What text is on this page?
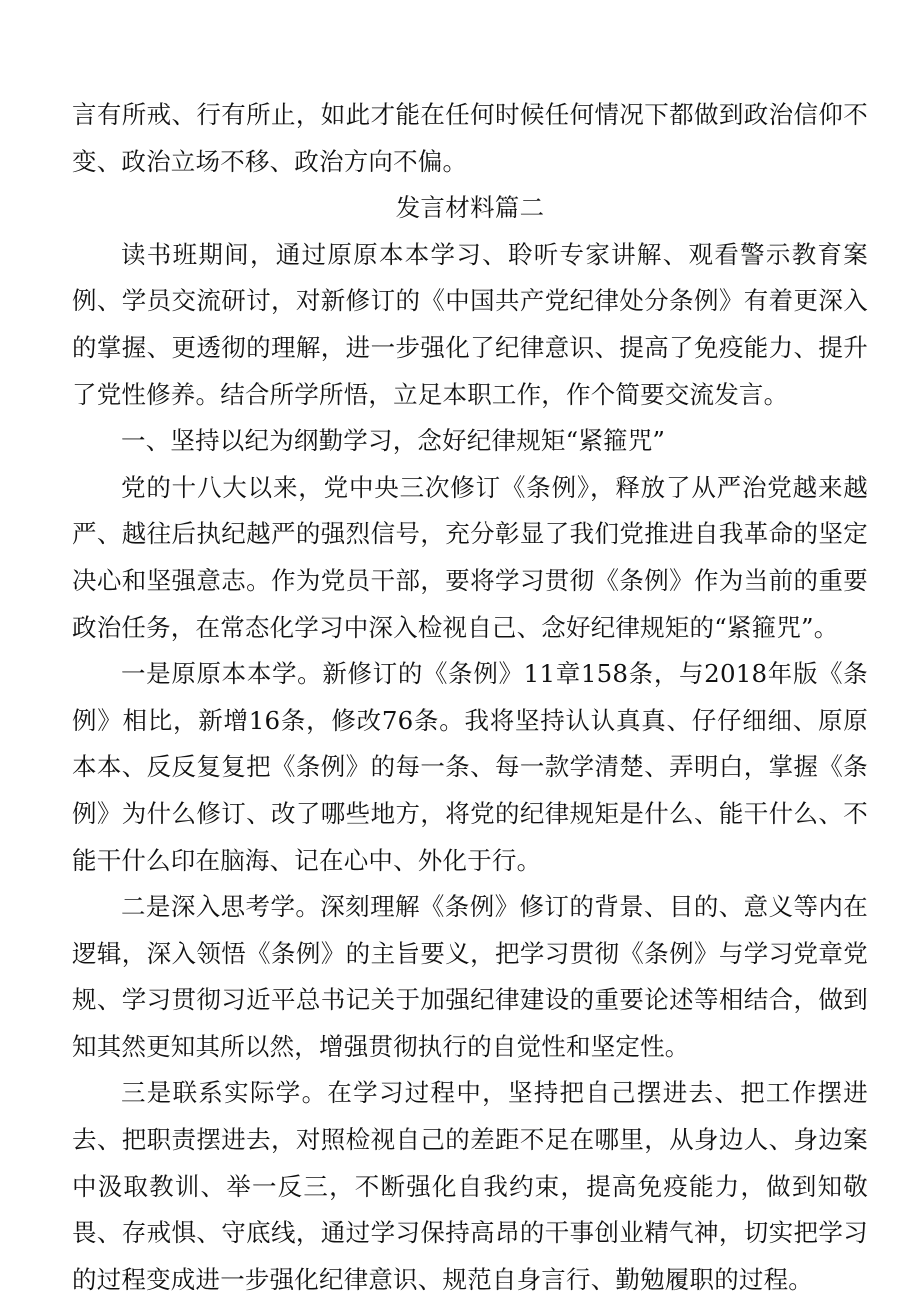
言有所戒、行有所止，如此才能在任何时候任何情况下都做到政治信仰不变、政治立场不移、政治方向不偏。

发言材料篇二

读书班期间，通过原原本本学习、聆听专家讲解、观看警示教育案例、学员交流研讨，对新修订的《中国共产党纪律处分条例》有着更深入的掌握、更透彻的理解，进一步强化了纪律意识、提高了免疫能力、提升了党性修养。结合所学所悟，立足本职工作，作个简要交流发言。

一、坚持以纪为纲勤学习，念好纪律规矩“紧箍咒”

党的十八大以来，党中央三次修订《条例》，释放了从严治党越来越严、越往后执纪越严的强烈信号，充分彰显了我们党推进自我革命的坚定决心和坚强意志。作为党员干部，要将学习贯彻《条例》作为当前的重要政治任务，在常态化学习中深入检视自己、念好纪律规矩的“紧箍咒”。

一是原原本本学。新修订的《条例》11章158条，与2018年版《条例》相比，新增16条，修改76条。我将坚持认认真真、仔仔细细、原原本本、反反复复把《条例》的每一条、每一款学清楚、弄明白，掌握《条例》为什么修订、改了哪些地方，将党的纪律规矩是什么、能干什么、不能干什么印在脑海、记在心中、外化于行。

二是深入思考学。深刻理解《条例》修订的背景、目的、意义等内在逻辑，深入领悟《条例》的主旨要义，把学习贯彻《条例》与学习党章党规、学习贯彻习近平总书记关于加强纪律建设的重要论述等相结合，做到知其然更知其所以然，增强贯彻执行的自觉性和坚定性。

三是联系实际学。在学习过程中，坚持把自己摆进去、把工作摆进去、把职责摆进去，对照检视自己的差距不足在哪里，从身边人、身边案中汲取教训、举一反三，不断强化自我约束，提高免疫能力，做到知敬畏、存戒惧、守底线，通过学习保持高昂的干事创业精气神，切实把学习的过程变成进一步强化纪律意识、规范自身言行、勤勉履职的过程。
